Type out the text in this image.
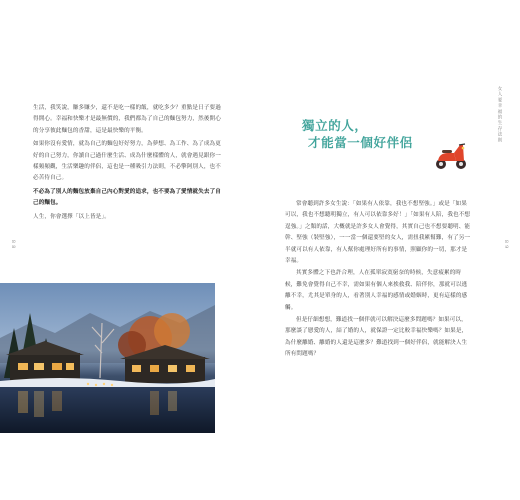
生活，我笑說，賺多賺少，還不是吃一樣的飯，就吃多少？重點是日子要過得開心。幸福和快樂才是最無價的，我們都為了自己的麵包努力，然後開心的分享彼此麵包的香甜，這是最快樂的平衡。

如果你沒有愛情，就為自己的麵包好好努力，為夢想、為工作、為了成為更好的自己努力，你讀自己過什麼生活、成為什麼樣體的人，就會遇見跟你一樣頻頻觀，生活樂趣的伴侶，這也是一種吸引力法則，不必擎阿別人，也不必苦侍自己。

不必為了別人的麵包放棄自己內心對愛的追求，也不要為了愛情就失去了自己的麵包。

人生，你會選擇「以上皆是」。

8 8
女人要幸福的生存法則
8 9
獨立的人，
才能當一個好伴侶

常會聽到許多女生說：「如果有人依靠，我也不想堅強。」或是「如果可以，我也不想聽明獨立，有人可以依靠多好！」「如果有人陪，我也不想逞強。」之類的話，大概就是許多女人會覺得，其實自己也不想要聽明、能幹、堅強（裝堅強），一一當一個還要堅的女人，需扭我累幫難，有了另一半就可以有人依靠，有人幫你處理好所有的事情，照顧你的一切，那才是幸福。

其實多體之下也許合理，人在孤單寂寞窮奈的時候，失意疲累的時候，難免會覺得自己不幸，需如果有個人來挨救我、陪伴你，那就可以逃離不幸，尤其是單身的人，看著別人幸福的感情或婚姻時，更有這樣的感觸。

但是仔細想想，難道找一個伴就可以解決這麼多問題嗎？如果可以，那麼談了戀愛的人，結了婚的人，就保證一定比較幸福快樂嗎？如果是，為什麼離婚、離婚的人還是這麼多？難道找到一個好伴侶，就能解決人生所有問題嗎？
